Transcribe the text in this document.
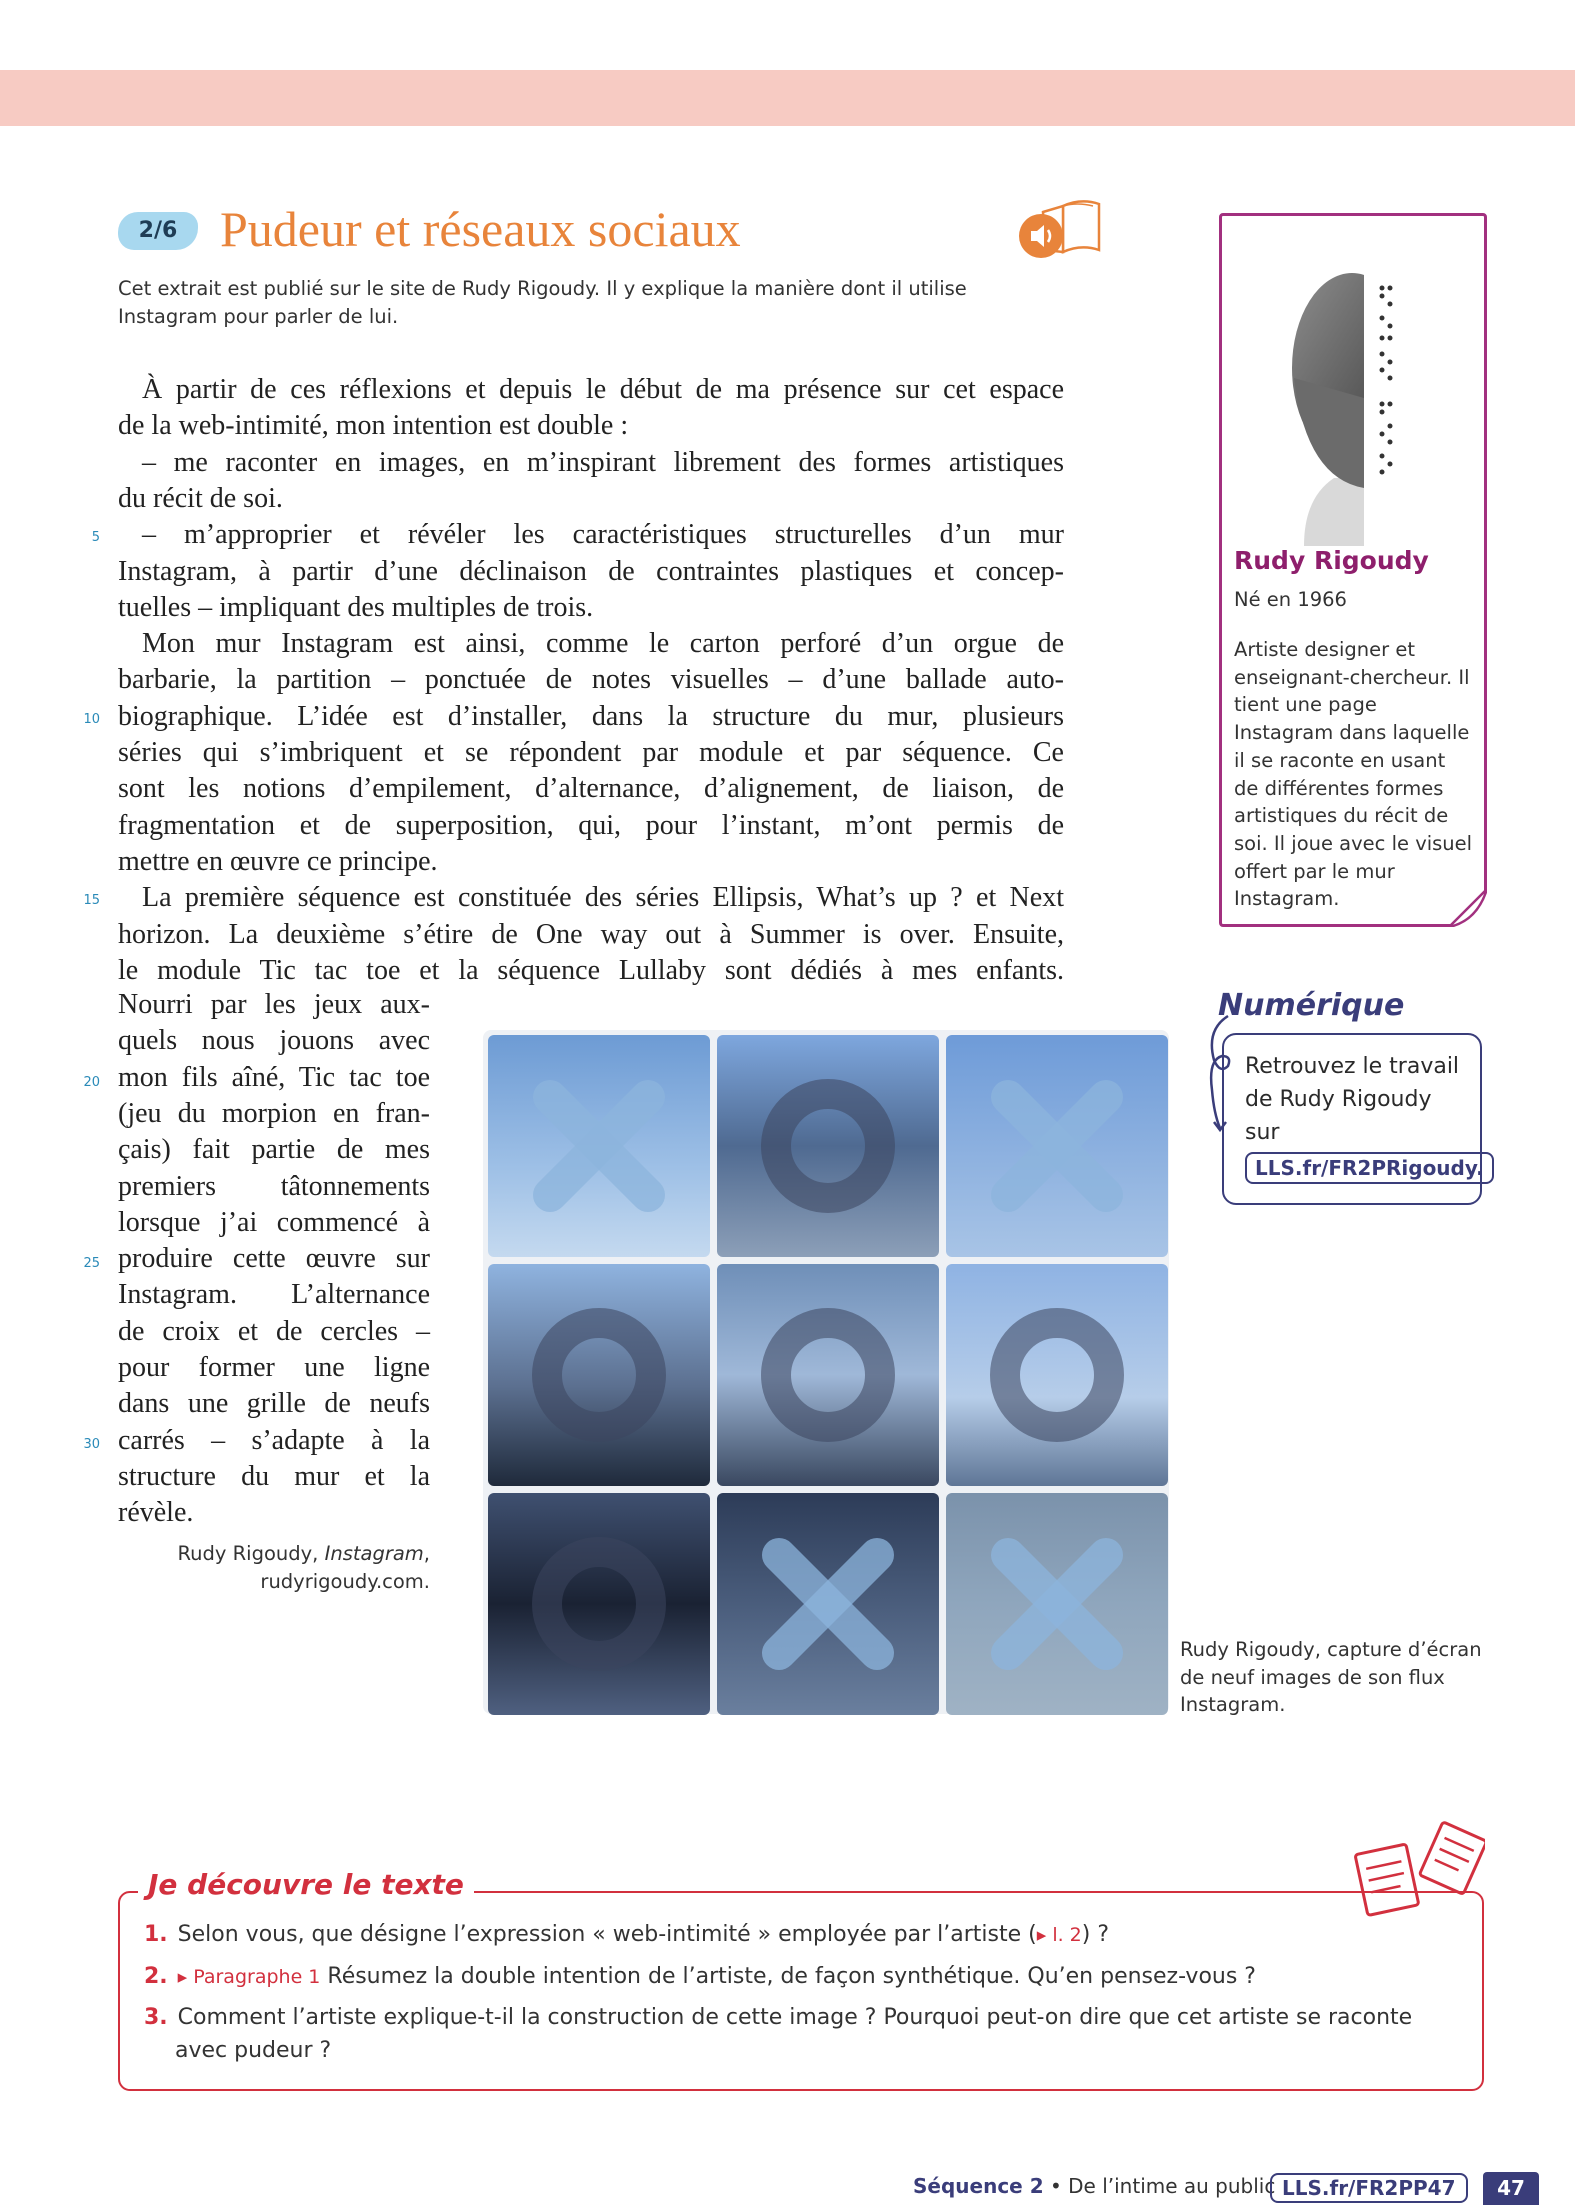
2/6 Pudeur et réseaux sociaux
Cet extrait est publié sur le site de Rudy Rigoudy. Il y explique la manière dont il utilise Instagram pour parler de lui.
À partir de ces réflexions et depuis le début de ma présence sur cet espace
de la web-intimité, mon intention est double :
– me raconter en images, en m’inspirant librement des formes artistiques
du récit de soi.
– m’approprier et révéler les caractéristiques structurelles d’un mur
Instagram, à partir d’une déclinaison de contraintes plastiques et concep-
tuelles – impliquant des multiples de trois.
Mon mur Instagram est ainsi, comme le carton perforé d’un orgue de
barbarie, la partition – ponctuée de notes visuelles – d’une ballade auto-
biographique. L’idée est d’installer, dans la structure du mur, plusieurs
séries qui s’imbriquent et se répondent par module et par séquence. Ce
sont les notions d’empilement, d’alternance, d’alignement, de liaison, de
fragmentation et de superposition, qui, pour l’instant, m’ont permis de
mettre en œuvre ce principe.
La première séquence est constituée des séries Ellipsis, What’s up ? et Next
horizon. La deuxième s’étire de One way out à Summer is over. Ensuite,
le module Tic tac toe et la séquence Lullaby sont dédiés à mes enfants.
Nourri par les jeux aux-
quels nous jouons avec
mon fils aîné, Tic tac toe
(jeu du morpion en fran-
çais) fait partie de mes
premiers tâtonnements
lorsque j’ai commencé à
produire cette œuvre sur
Instagram. L’alternance
de croix et de cercles –
pour former une ligne
dans une grille de neufs
carrés – s’adapte à la
structure du mur et la
révèle.
5
10
15
20
25
30
Rudy Rigoudy, Instagram,
rudyrigoudy.com.
Rudy Rigoudy
Né en 1966
Artiste designer et enseignant-chercheur. Il tient une page Instagram dans laquelle il se raconte en usant de différentes formes artistiques du récit de soi. Il joue avec le visuel offert par le mur Instagram.
Numérique
Retrouvez le travail de Rudy Rigoudy sur
LLS.fr/FR2PRigoudy.
Rudy Rigoudy, capture d’écran de neuf images de son flux Instagram.
Je découvre le texte
1. Selon vous, que désigne l’expression « web-intimité » employée par l’artiste (▸ l. 2) ?
2. ▸ Paragraphe 1 Résumez la double intention de l’artiste, de façon synthétique. Qu’en pensez-vous ?
3. Comment l’artiste explique-t-il la construction de cette image ? Pourquoi peut-on dire que cet artiste se raconte
avec pudeur ?
Séquence 2 • De l’intime au public LLS.fr/FR2PP47	47
